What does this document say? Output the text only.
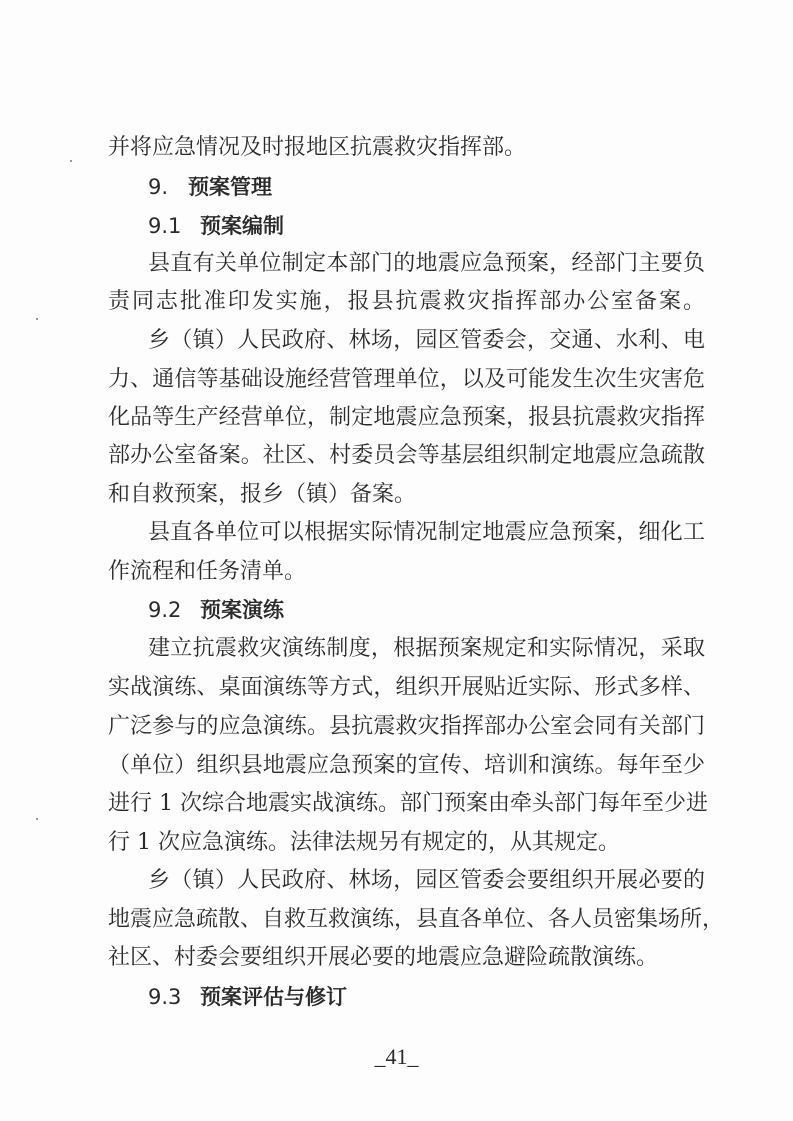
并将应急情况及时报地区抗震救灾指挥部。
9. 预案管理
9.1 预案编制
县直有关单位制定本部门的地震应急预案，经部门主要负
责同志批准印发实施，报县抗震救灾指挥部办公室备案。
乡（镇）人民政府、林场，园区管委会，交通、水利、电
力、通信等基础设施经营管理单位，以及可能发生次生灾害危
化品等生产经营单位，制定地震应急预案，报县抗震救灾指挥
部办公室备案。社区、村委员会等基层组织制定地震应急疏散
和自救预案，报乡（镇）备案。
县直各单位可以根据实际情况制定地震应急预案，细化工
作流程和任务清单。
9.2 预案演练
建立抗震救灾演练制度，根据预案规定和实际情况，采取
实战演练、桌面演练等方式，组织开展贴近实际、形式多样、
广泛参与的应急演练。县抗震救灾指挥部办公室会同有关部门
（单位）组织县地震应急预案的宣传、培训和演练。每年至少
进行 1 次综合地震实战演练。部门预案由牵头部门每年至少进
行 1 次应急演练。法律法规另有规定的，从其规定。
乡（镇）人民政府、林场，园区管委会要组织开展必要的
地震应急疏散、自救互救演练，县直各单位、各人员密集场所，
社区、村委会要组织开展必要的地震应急避险疏散演练。
9.3 预案评估与修订
_41_
